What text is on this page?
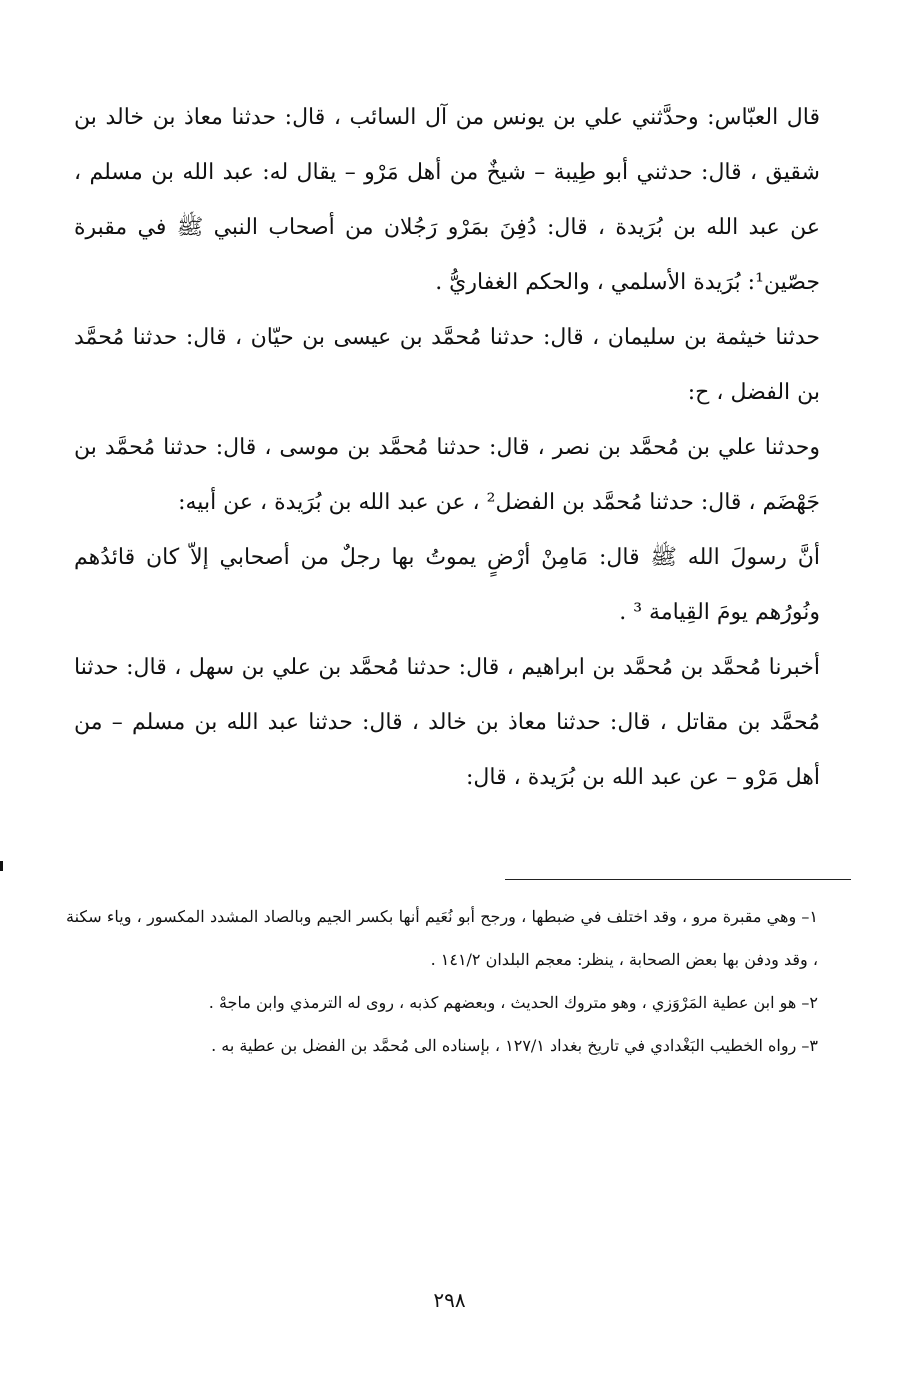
قال العبّاس: وحدَّثني علي بن يونس من آل السائب ، قال: حدثنا معاذ بن خالد بن شقيق ، قال: حدثني أبو طِيبة – شيخٌ من أهل مَرْو – يقال له: عبد الله بن مسلم ، عن عبد الله بن بُرَيدة ، قال: دُفِنَ بمَرْو رَجُلان من أصحاب النبي ﷺ في مقبرة جصّين¹: بُرَيدة الأسلمي ، والحكم الغفاريُّ .

حدثنا خيثمة بن سليمان ، قال: حدثنا مُحمَّد بن عيسى بن حيّان ، قال: حدثنا مُحمَّد بن الفضل ، ح:

وحدثنا علي بن مُحمَّد بن نصر ، قال: حدثنا مُحمَّد بن موسى ، قال: حدثنا مُحمَّد بن جَهْضَم ، قال: حدثنا مُحمَّد بن الفضل² ، عن عبد الله بن بُرَيدة ، عن أبيه:

أنَّ رسولَ الله ﷺ قال: مَامِنْ أرْضٍ يموتُ بها رجلٌ من أصحابي إلاّ كان قائدُهم ونُورُهم يومَ القِيامة ³ .

أخبرنا مُحمَّد بن مُحمَّد بن ابراهيم ، قال: حدثنا مُحمَّد بن علي بن سهل ، قال: حدثنا مُحمَّد بن مقاتل ، قال: حدثنا معاذ بن خالد ، قال: حدثنا عبد الله بن مسلم – من أهل مَرْو – عن عبد الله بن بُرَيدة ، قال:

١– وهي مقبرة مرو ، وقد اختلف في ضبطها ، ورجح أبو نُعَيم أنها بكسر الجيم وبالصاد المشدد المكسور ، وياء سكنة ، وقد ودفن بها بعض الصحابة ، ينظر: معجم البلدان ١٤١/٢ .

٢– هو ابن عطية المَرْوَزي ، وهو متروك الحديث ، وبعضهم كذبه ، روى له الترمذي وابن ماجهْ .

٣– رواه الخطيب البَغْدادي في تاريخ بغداد ١٢٧/١ ، بإسناده الى مُحمَّد بن الفضل بن عطية به .

٢٩٨
